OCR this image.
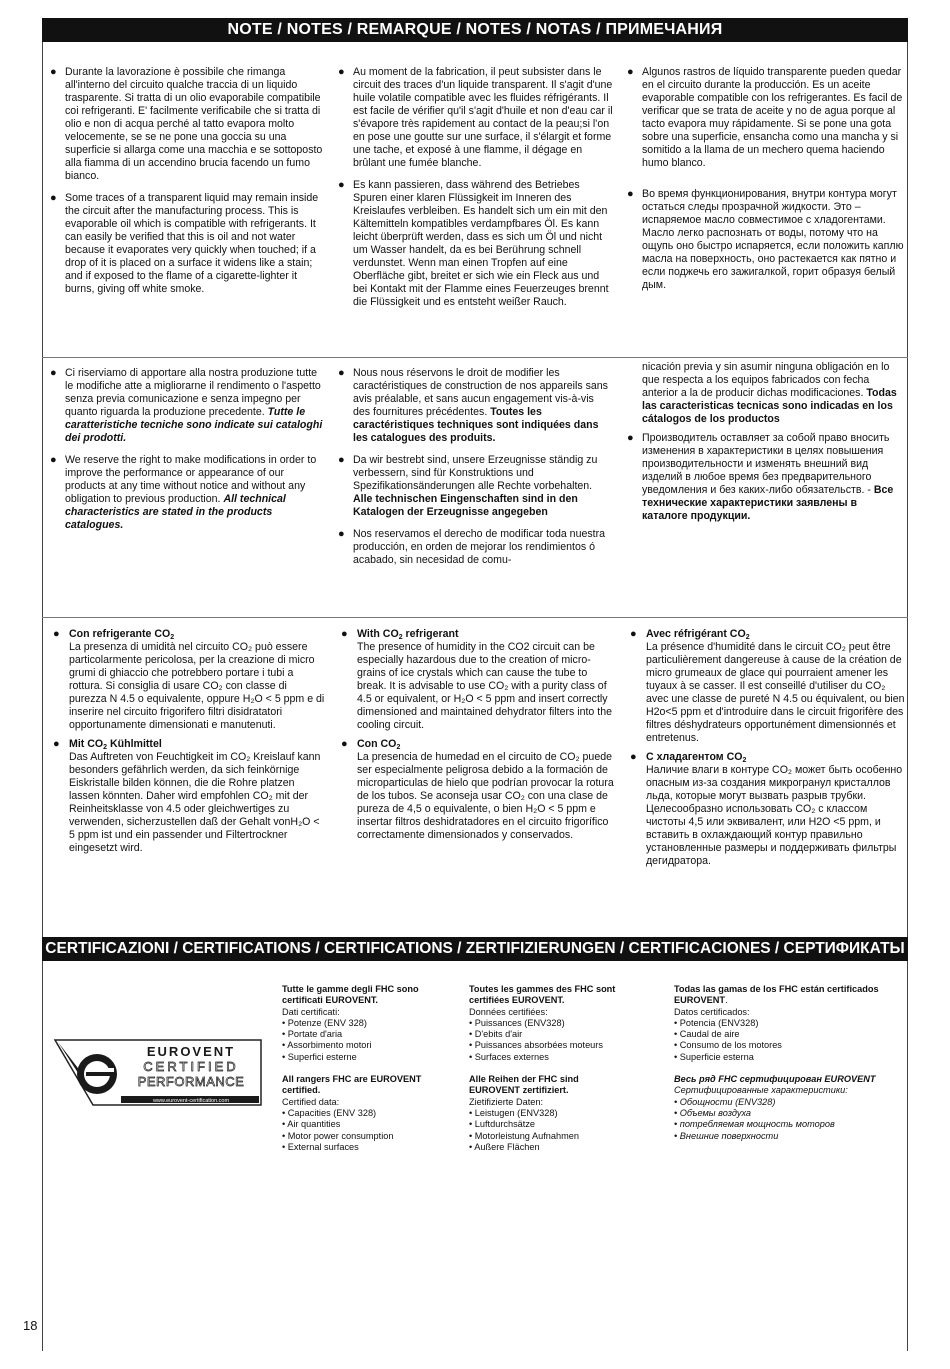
NOTE / NOTES / REMARQUE / NOTES / NOTAS / ПРИМЕЧАНИЯ
● Durante la lavorazione è possibile che rimanga all'interno del circuito qualche traccia di un liquido trasparente. Si tratta di un olio evaporabile compatibile coi refrigeranti. E' facilmente verificabile che si tratta di olio e non di acqua perché al tatto evapora molto velocemente, se se ne pone una goccia su una superficie si allarga come una macchia e se sottoposto alla fiamma di un accendino brucia facendo un fumo bianco.
● Some traces of a transparent liquid may remain inside the circuit after the manufacturing process. This is evaporable oil which is compatible with refrigerants. It can easily be verified that this is oil and not water because it evaporates very quickly when touched; if a drop of it is placed on a surface it widens like a stain; and if exposed to the flame of a cigarette-lighter it burns, giving off white smoke.
● Au moment de la fabrication, il peut subsister dans le circuit des traces d'un liquide transparent. Il s'agit d'une huile volatile compatible avec les fluides réfrigérants. Il est facile de vérifier qu'il s'agit d'huile et non d'eau car il s'évapore très rapidement au contact de la peau;si l'on en pose une goutte sur une surface, il s'élargit et forme une tache, et exposé à une flamme, il dégage en brûlant une fumée blanche.
● Es kann passieren, dass während des Betriebes Spuren einer klaren Flüssigkeit im Inneren des Kreislaufes verbleiben. Es handelt sich um ein mit den Kältemitteln kompatibles verdampfbares Öl. Es kann leicht überprüft werden, dass es sich um Öl und nicht um Wasser handelt, da es bei Berührung schnell verdunstet. Wenn man einen Tropfen auf eine Oberfläche gibt, breitet er sich wie ein Fleck aus und bei Kontakt mit der Flamme eines Feuerzeuges brennt die Flüssigkeit und es entsteht weißer Rauch.
● Algunos rastros de líquido transparente pueden quedar en el circuito durante la producción. Es un aceite evaporable compatible con los refrigerantes. Es facil de verificar que se trata de aceite y no de agua porque al tacto evapora muy rápidamente. Si se pone una gota sobre una superficie, ensancha como una mancha y si somitido a la llama de un mechero quema haciendo humo blanco.
● Во время функционирования, внутри контура могут остаться следы прозрачной жидкости. Это – испаряемое масло совместимое с хладогентами. Масло легко распознать от воды, потому что на ощупь оно быстро испаряется, если положить каплю масла на поверхность, оно растекается как пятно и если поджечь его зажигалкой, горит образуя белый дым.
● Ci riserviamo di apportare alla nostra produzione tutte le modifiche atte a migliorarne il rendimento o l'aspetto senza previa comunicazione e senza impegno per quanto riguarda la produzione precedente. Tutte le caratteristiche tecniche sono indicate sui cataloghi dei prodotti.
● We reserve the right to make modifications in order to improve the performance or appearance of our products at any time without notice and without any obligation to previous production. All technical characteristics are stated in the products catalogues.
● Nous nous réservons le droit de modifier les caractéristiques de construction de nos appareils sans avis préalable, et sans aucun engagement vis-à-vis des fournitures précédentes. Toutes les caractéristiques techniques sont indiquées dans les catalogues des produits.
● Da wir bestrebt sind, unsere Erzeugnisse ständig zu verbessern, sind für Konstruktions und Spezifikationsänderungen alle Rechte vorbehalten. Alle technischen Eingenschaften sind in den Katalogen der Erzeugnisse angegeben
● Nos reservamos el derecho de modificar toda nuestra producción, en orden de mejorar los rendimientos ó acabado, sin necesidad de comu-
nicación previa y sin asumir ninguna obligación en lo que respecta a los equipos fabricados con fecha anterior a la de producir dichas modificaciones. Todas las caracteristicas tecnicas sono indicadas en los cátalogos de los productos
● Производитель оставляет за собой право вносить изменения в характеристики в целях повышения производительности и изменять внешний вид изделий в любое время без предварительного уведомления и без каких-либо обязательств. - Все технические характеристики заявлены в каталоге продукции.
● Con refrigerante $CO_2$
La presenza di umidità nel circuito CO₂ può essere particolarmente pericolosa, per la creazione di micro grumi di ghiaccio che potrebbero portare i tubi a rottura. Si consiglia di usare CO₂ con classe di purezza N 4.5 o equivalente, oppure H₂O < 5 ppm e di inserire nel circuito frigorifero filtri disidratatori opportunamente dimensionati e manutenuti.
● Mit $CO_2$ Kühlmittel
Das Auftreten von Feuchtigkeit im CO₂ Kreislauf kann besonders gefährlich werden, da sich feinkörnige Eiskristalle bilden können, die die Rohre platzen lassen könnten. Daher wird empfohlen CO₂ mit der Reinheitsklasse von 4.5 oder gleichwertiges zu verwenden, sicherzustellen daß der Gehalt vonH₂O < 5 ppm ist und ein passender und Filtertrockner eingesetzt wird.
● With $CO_2$ refrigerant
The presence of humidity in the CO2 circuit can be especially hazardous due to the creation of micro-grains of ice crystals which can cause the tube to break. It is advisable to use CO₂ with a purity class of 4.5 or equivalent, or H₂O < 5 ppm and insert correctly dimensioned and maintained dehydrator filters into the cooling circuit.
● Con $CO_2$
La presencia de humedad en el circuito de CO₂ puede ser especialmente peligrosa debido a la formación de microparticulas de hielo que podrían provocar la rotura de los tubos. Se aconseja usar CO₂ con una clase de pureza de 4,5 o equivalente, o bien H₂O < 5 ppm e insertar filtros deshidratadores en el circuito frigorífico correctamente dimensionados y conservados.
● Avec réfrigérant $CO_2$
La présence d'humidité dans le circuit CO₂ peut être particulièrement dangereuse à cause de la création de micro grumeaux de glace qui pourraient amener les tuyaux à se casser. Il est conseillé d'utiliser du CO₂ avec une classe de pureté N 4.5 ou équivalent, ou bien H2o<5 ppm et d'introduire dans le circuit frigorifère des filtres déshydrateurs opportunément dimensionnés et entretenus.
● С хладагентом $CO_2$
Наличие влаги в контуре CO₂ может быть особенно опасным из-за создания микрогранул кристаллов льда, которые могут вызвать разрыв трубки. Целесообразно использовать CO₂ с классом чистоты 4,5 или эквивалент, или H2O <5 ppm, и вставить в охлаждающий контур правильно установленные размеры и поддерживать фильтры дегидратора.
CERTIFICAZIONI / CERTIFICATIONS / CERTIFICATIONS / ZERTIFIZIERUNGEN / CERTIFICACIONES / СЕРТИФИКАТЫ
EUROVENT
CERTIFIED
PERFORMANCE
www.eurovent-certification.com
Tutte le gamme degli FHC sono certificati EUROVENT.
Dati certificati:
• Potenze (ENV 328)
• Portate d'aria
• Assorbimento motori
• Superfici esterne
All rangers FHC are EUROVENT certified.
Certified data:
• Capacities (ENV 328)
• Air quantities
• Motor power consumption
• External surfaces
Toutes les gammes des FHC sont certifiées EUROVENT.
Données certifiées:
• Puissances (ENV328)
• D'ebits d'air
• Puissances absorbées moteurs
• Surfaces externes
Alle Reihen der FHC sind EUROVENT zertifiziert.
Zietifizierte Daten:
• Leistugen (ENV328)
• Luftdurchsätze
• Motorleistung Aufnahmen
• Außere Flächen
Todas las gamas de los FHC están certificados EUROVENT.
Datos certificados:
• Potencia (ENV328)
• Caudal de aire
• Consumo de los motores
• Superficie esterna
Весь ряд FHC сертифицирован EUROVENT
Сертифицированные характеристики:
• Обощности (ENV328)
• Объемы воздуха
• потребляемая мощность моторов
• Внешние поверхности
18
